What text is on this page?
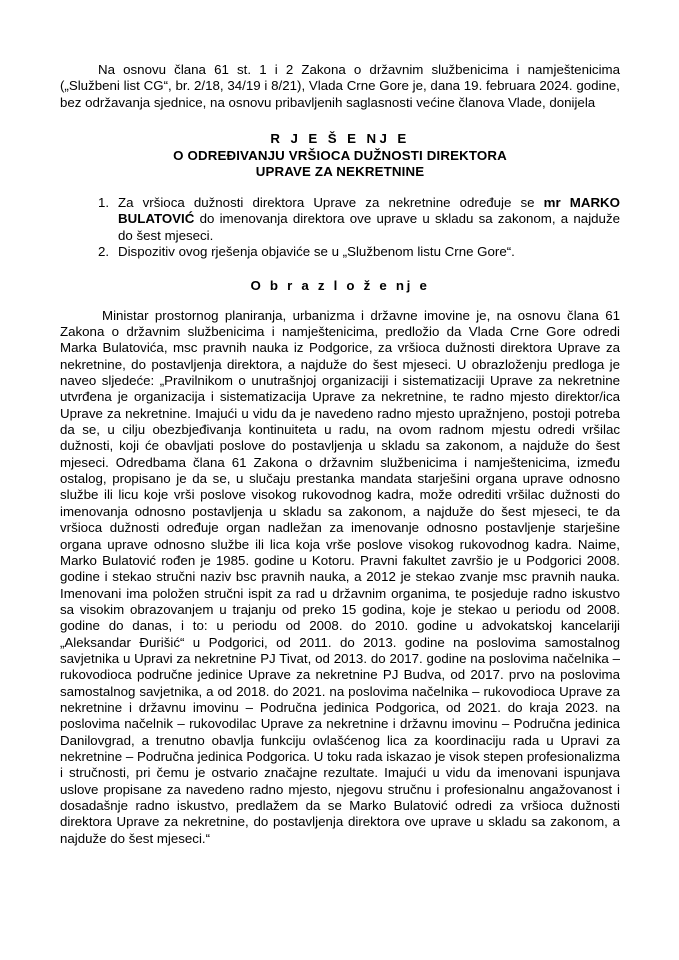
Na osnovu člana 61 st. 1 i 2 Zakona o državnim službenicima i namještenicima („Službeni list CG“, br. 2/18, 34/19 i 8/21), Vlada Crne Gore je, dana 19. februara 2024. godine, bez održavanja sjednice, na osnovu pribavljenih saglasnosti većine članova Vlade, donijela

R J E Š E NJ E
O ODREĐIVANJU VRŠIOCA DUŽNOSTI DIREKTORA
UPRAVE ZA NEKRETNINE
Za vršioca dužnosti direktora Uprave za nekretnine određuje se mr MARKO BULATOVIĆ do imenovanja direktora ove uprave u skladu sa zakonom, a najduže do šest mjeseci.
Dispozitiv ovog rješenja objaviće se u „Službenom listu Crne Gore“.
O b r a z l o ž e nj e

Ministar prostornog planiranja, urbanizma i državne imovine je, na osnovu člana 61 Zakona o državnim službenicima i namještenicima, predložio da Vlada Crne Gore odredi Marka Bulatovića, msc pravnih nauka iz Podgorice, za vršioca dužnosti direktora Uprave za nekretnine, do postavljenja direktora, a najduže do šest mjeseci. U obrazloženju predloga je naveo sljedeće: „Pravilnikom o unutrašnjoj organizaciji i sistematizaciji Uprave za nekretnine utvrđena je organizacija i sistematizacija Uprave za nekretnine, te radno mjesto direktor/ica Uprave za nekretnine. Imajući u vidu da je navedeno radno mjesto upražnjeno, postoji potreba da se, u cilju obezbjeđivanja kontinuiteta u radu, na ovom radnom mjestu odredi vršilac dužnosti, koji će obavljati poslove do postavljenja u skladu sa zakonom, a najduže do šest mjeseci. Odredbama člana 61 Zakona o državnim službenicima i namještenicima, između ostalog, propisano je da se, u slučaju prestanka mandata starješini organa uprave odnosno službe ili licu koje vrši poslove visokog rukovodnog kadra, može odrediti vršilac dužnosti do imenovanja odnosno postavljenja u skladu sa zakonom, a najduže do šest mjeseci, te da vršioca dužnosti određuje organ nadležan za imenovanje odnosno postavljenje starješine organa uprave odnosno službe ili lica koja vrše poslove visokog rukovodnog kadra. Naime, Marko Bulatović rođen je 1985. godine u Kotoru. Pravni fakultet završio je u Podgorici 2008. godine i stekao stručni naziv bsc pravnih nauka, a 2012 je stekao zvanje msc pravnih nauka. Imenovani ima položen stručni ispit za rad u državnim organima, te posjeduje radno iskustvo sa visokim obrazovanjem u trajanju od preko 15 godina, koje je stekao u periodu od 2008. godine do danas, i to: u periodu od 2008. do 2010. godine u advokatskoj kancelariji „Aleksandar Đurišić“ u Podgorici, od 2011. do 2013. godine na poslovima samostalnog savjetnika u Upravi za nekretnine PJ Tivat, od 2013. do 2017. godine na poslovima načelnika – rukovodioca područne jedinice Uprave za nekretnine PJ Budva, od 2017. prvo na poslovima samostalnog savjetnika, a od 2018. do 2021. na poslovima načelnika – rukovodioca Uprave za nekretnine i državnu imovinu – Područna jedinica Podgorica, od 2021. do kraja 2023. na poslovima načelnik – rukovodilac Uprave za nekretnine i državnu imovinu – Područna jedinica Danilovgrad, a trenutno obavlja funkciju ovlašćenog lica za koordinaciju rada u Upravi za nekretnine – Područna jedinica Podgorica. U toku rada iskazao je visok stepen profesionalizma i stručnosti, pri čemu je ostvario značajne rezultate. Imajući u vidu da imenovani ispunjava uslove propisane za navedeno radno mjesto, njegovu stručnu i profesionalnu angažovanost i dosadašnje radno iskustvo, predlažem da se Marko Bulatović odredi za vršioca dužnosti direktora Uprave za nekretnine, do postavljenja direktora ove uprave u skladu sa zakonom, a najduže do šest mjeseci.“
